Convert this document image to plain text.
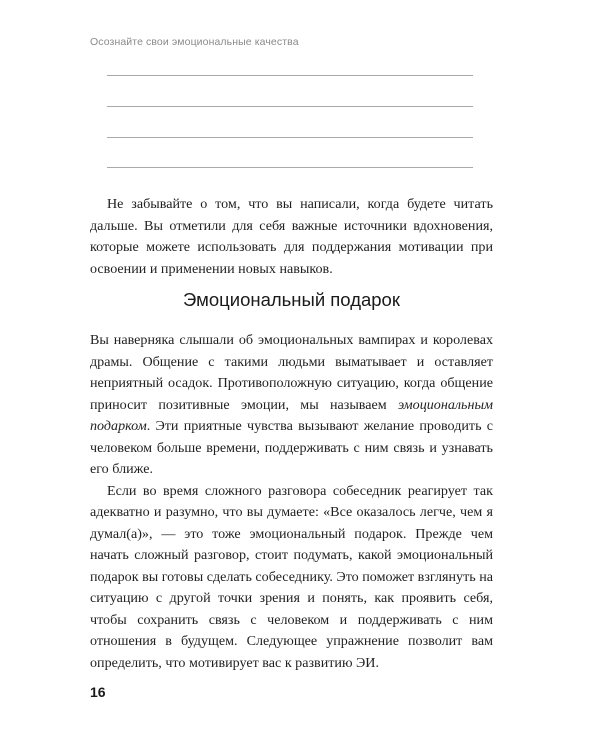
Осознайте свои эмоциональные качества

Не забывайте о том, что вы написали, когда будете читать дальше. Вы отметили для себя важные источники вдохновения, которые можете использовать для поддержания мотивации при освоении и применении новых навыков.

Эмоциональный подарок

Вы наверняка слышали об эмоциональных вампирах и королевах драмы. Общение с такими людьми выматывает и оставляет неприятный осадок. Противоположную ситуацию, когда общение приносит позитивные эмоции, мы называем эмоциональным подарком. Эти приятные чувства вызывают желание проводить с человеком больше времени, поддерживать с ним связь и узнавать его ближе.

Если во время сложного разговора собеседник реагирует так адекватно и разумно, что вы думаете: «Все оказалось легче, чем я думал(а)», — это тоже эмоциональный подарок. Прежде чем начать сложный разговор, стоит подумать, какой эмоциональный подарок вы готовы сделать собеседнику. Это поможет взглянуть на ситуацию с другой точки зрения и понять, как проявить себя, чтобы сохранить связь с человеком и поддерживать с ним отношения в будущем. Следующее упражнение позволит вам определить, что мотивирует вас к развитию ЭИ.

16
